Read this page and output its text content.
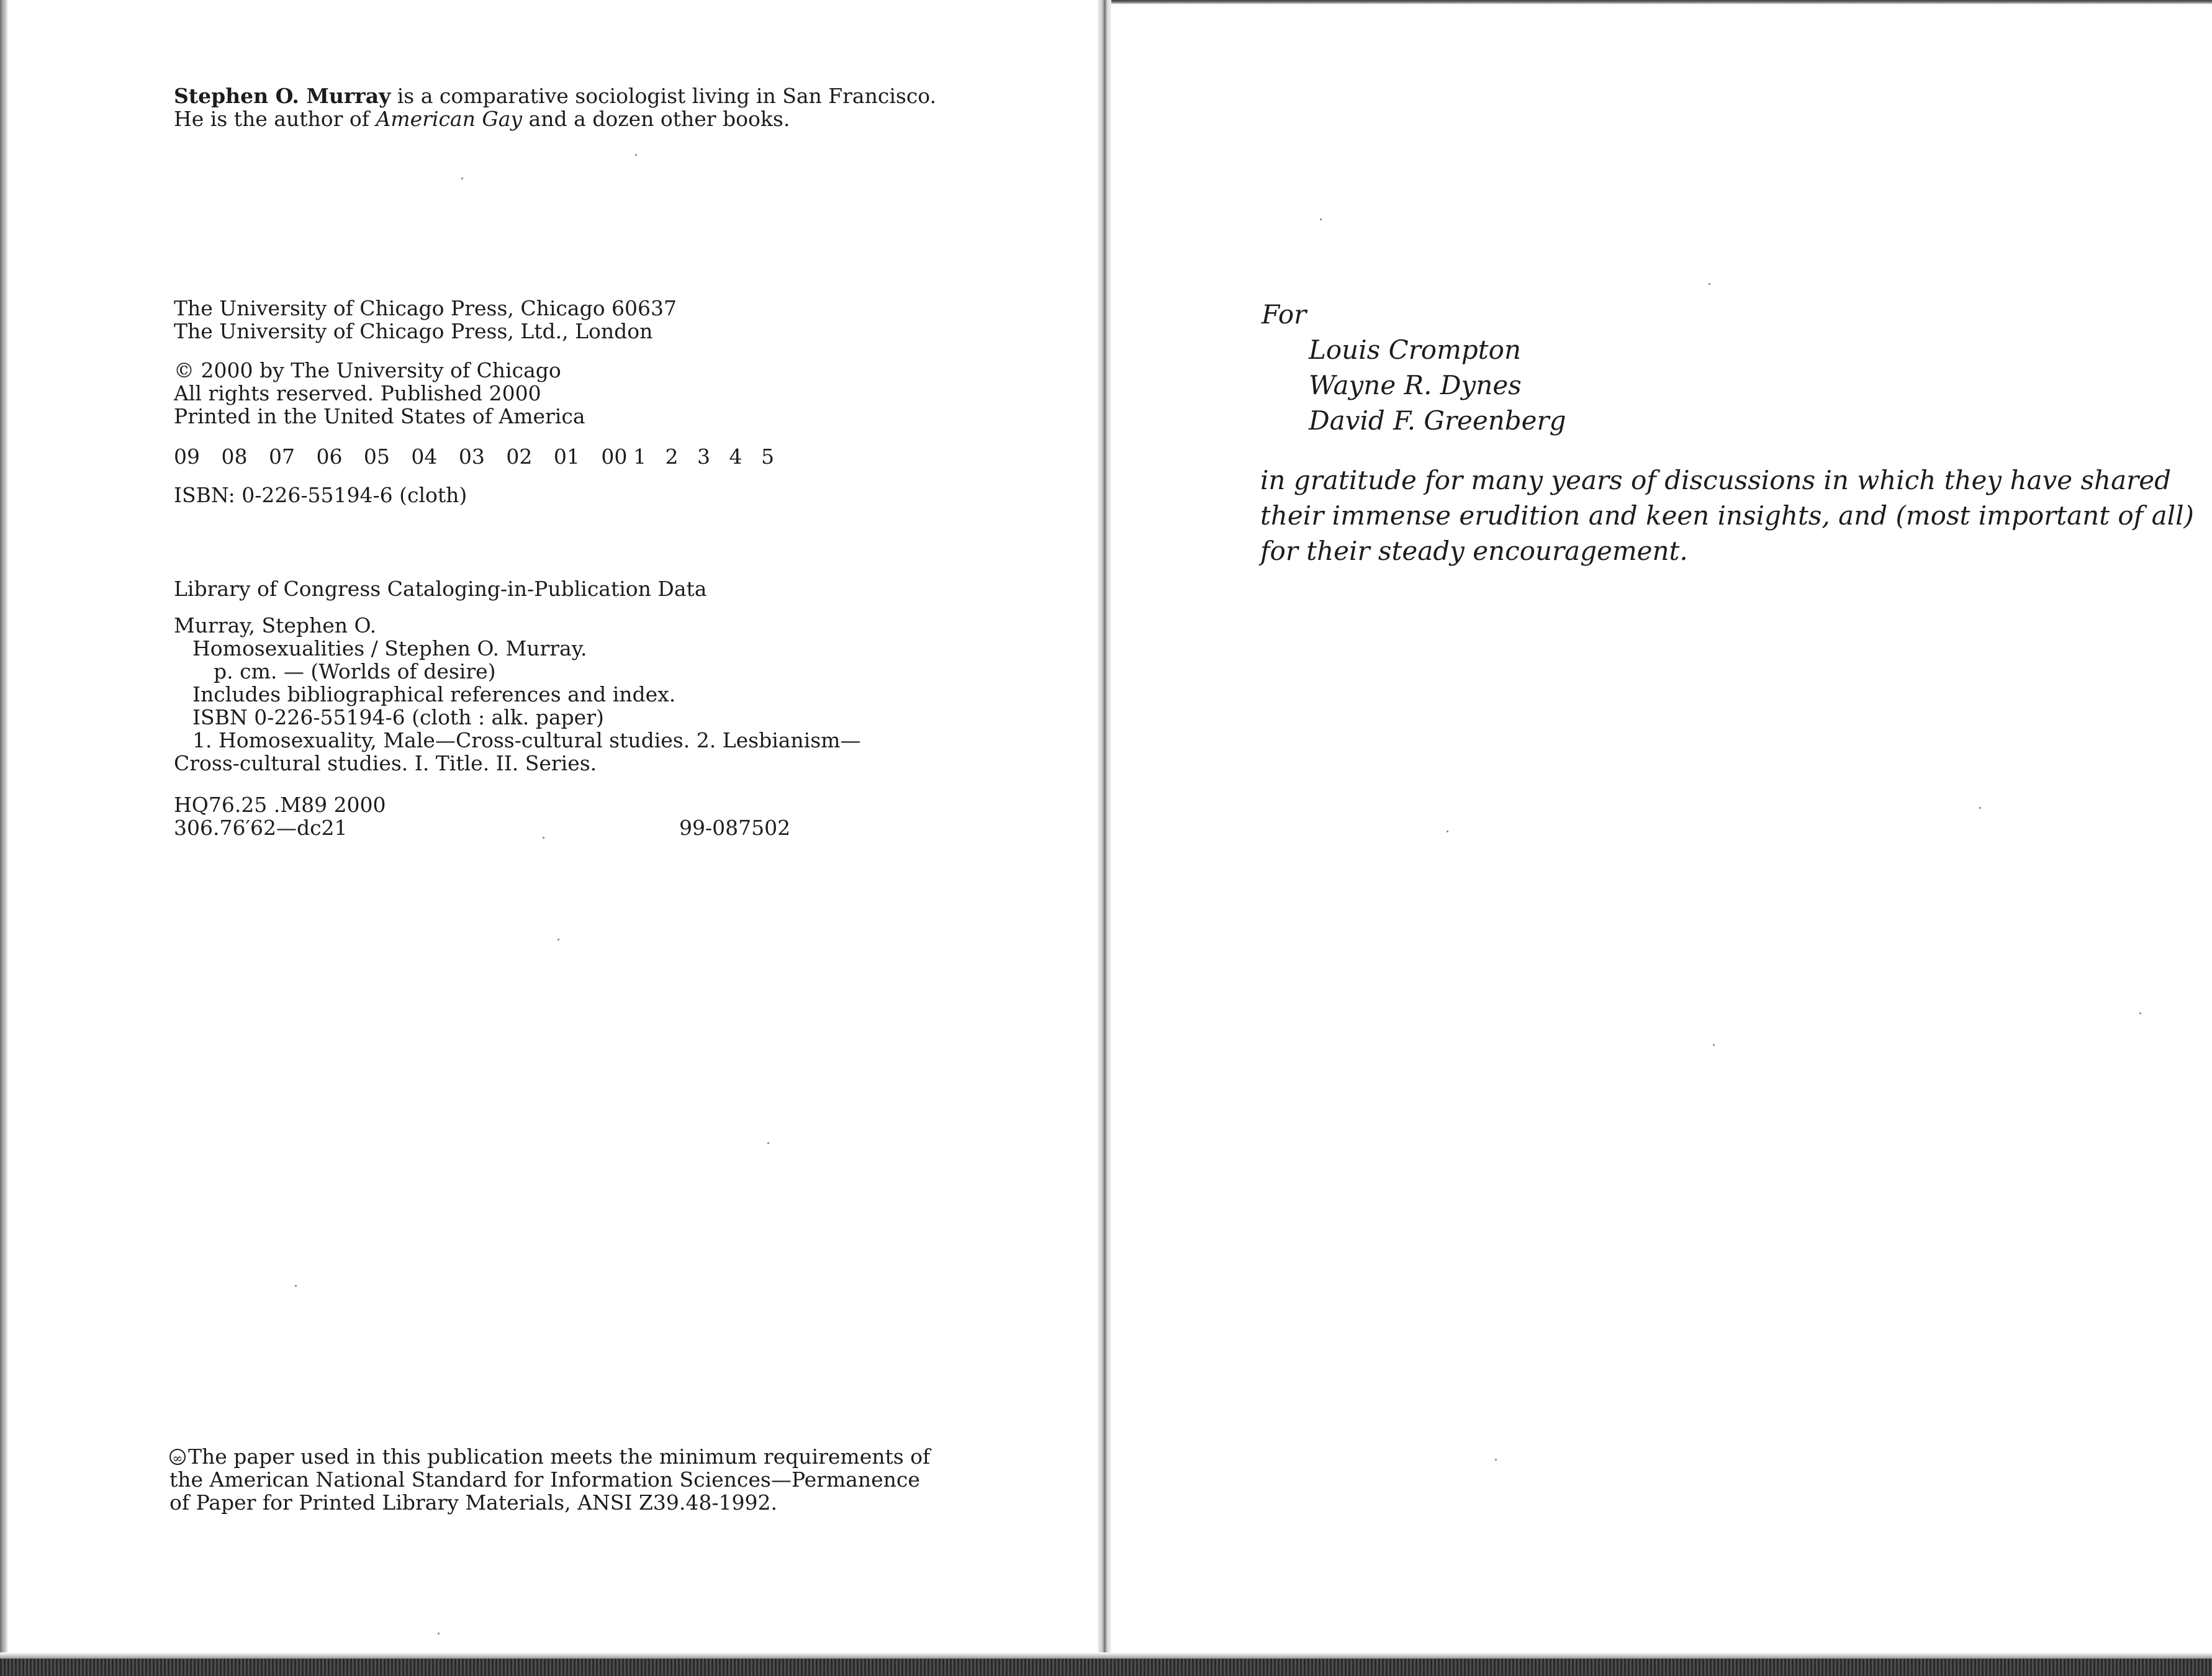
Stephen O. Murray is a comparative sociologist living in San Francisco.
He is the author of American Gay and a dozen other books.
The University of Chicago Press, Chicago 60637
The University of Chicago Press, Ltd., London
© 2000 by The University of Chicago
All rights reserved. Published 2000
Printed in the United States of America
09 08 07 06 05 04 03 02 01 00 1 2 3 4 5
ISBN: 0-226-55194-6 (cloth)
Library of Congress Cataloging-in-Publication Data
Murray, Stephen O.
Homosexualities / Stephen O. Murray.
p. cm. — (Worlds of desire)
Includes bibliographical references and index.
ISBN 0-226-55194-6 (cloth : alk. paper)
1. Homosexuality, Male—Cross-cultural studies. 2. Lesbianism—
Cross-cultural studies. I. Title. II. Series.
HQ76.25 .M89 2000
306.76′62—dc21	99-087502
∞ The paper used in this publication meets the minimum requirements of
the American National Standard for Information Sciences—Permanence
of Paper for Printed Library Materials, ANSI Z39.48-1992.
For
Louis Crompton
Wayne R. Dynes
David F. Greenberg
in gratitude for many years of discussions in which they have shared
their immense erudition and keen insights, and (most important of all)
for their steady encouragement.
